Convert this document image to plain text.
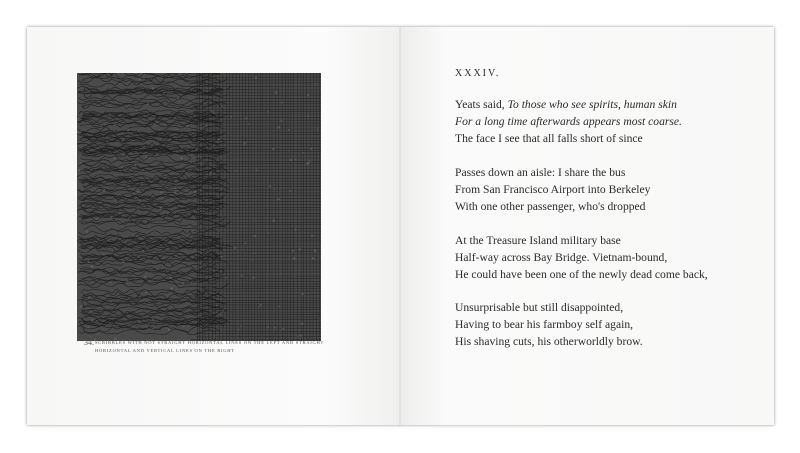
34. SCRIBBLES WITH NOT STRAIGHT HORIZONTAL LINES ON THE LEFT AND STRAIGHT
HORIZONTAL AND VERTICAL LINES ON THE RIGHT
XXXIV.
Yeats said, To those who see spirits, human skin
For a long time afterwards appears most coarse.
The face I see that all falls short of since
Passes down an aisle: I share the bus
From San Francisco Airport into Berkeley
With one other passenger, who's dropped
At the Treasure Island military base
Half-way across Bay Bridge. Vietnam-bound,
He could have been one of the newly dead come back,
Unsurprisable but still disappointed,
Having to bear his farmboy self again,
His shaving cuts, his otherworldly brow.
